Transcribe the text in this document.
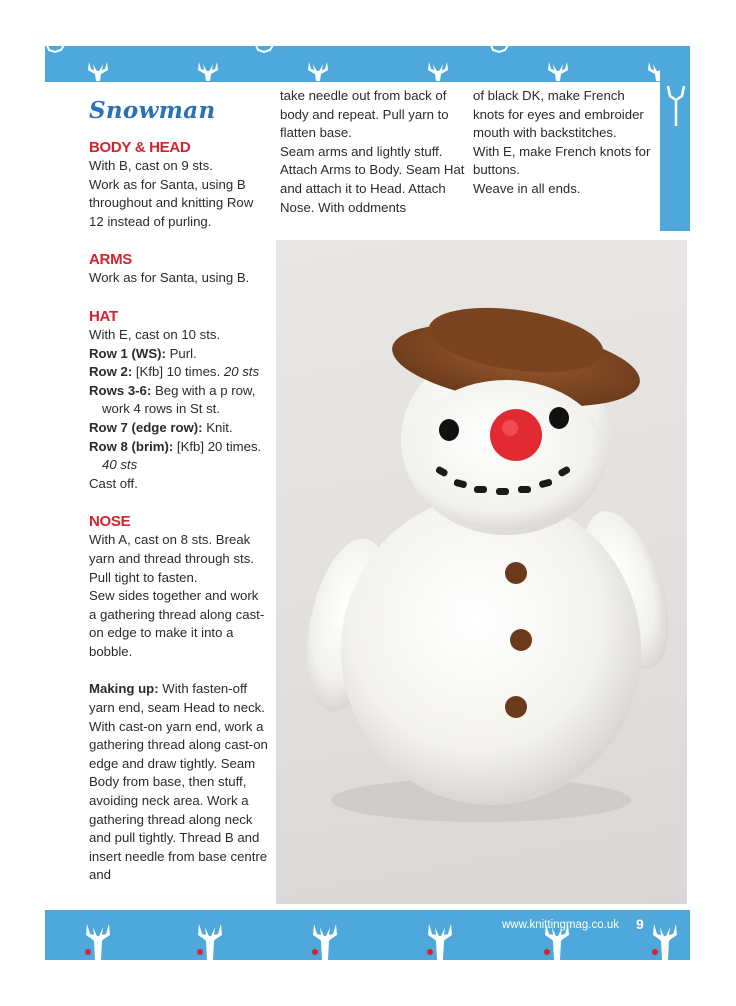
Snowman
BODY & HEAD
With B, cast on 9 sts.
Work as for Santa, using B throughout and knitting Row 12 instead of purling.
ARMS
Work as for Santa, using B.
HAT
With E, cast on 10 sts.
Row 1 (WS): Purl.
Row 2: [Kfb] 10 times. 20 sts
Rows 3-6: Beg with a p row, work 4 rows in St st.
Row 7 (edge row): Knit.
Row 8 (brim): [Kfb] 20 times. 40 sts
Cast off.
NOSE
With A, cast on 8 sts. Break yarn and thread through sts. Pull tight to fasten.
Sew sides together and work a gathering thread along cast-on edge to make it into a bobble.
Making up: With fasten-off yarn end, seam Head to neck. With cast-on yarn end, work a gathering thread along cast-on edge and draw tightly. Seam Body from base, then stuff, avoiding neck area. Work a gathering thread along neck and pull tightly. Thread B and insert needle from base centre and
take needle out from back of body and repeat. Pull yarn to flatten base.
Seam arms and lightly stuff. Attach Arms to Body. Seam Hat and attach it to Head. Attach Nose. With oddments
of black DK, make French knots for eyes and embroider mouth with backstitches.
With E, make French knots for buttons.
Weave in all ends.
www.knittingmag.co.uk 9
